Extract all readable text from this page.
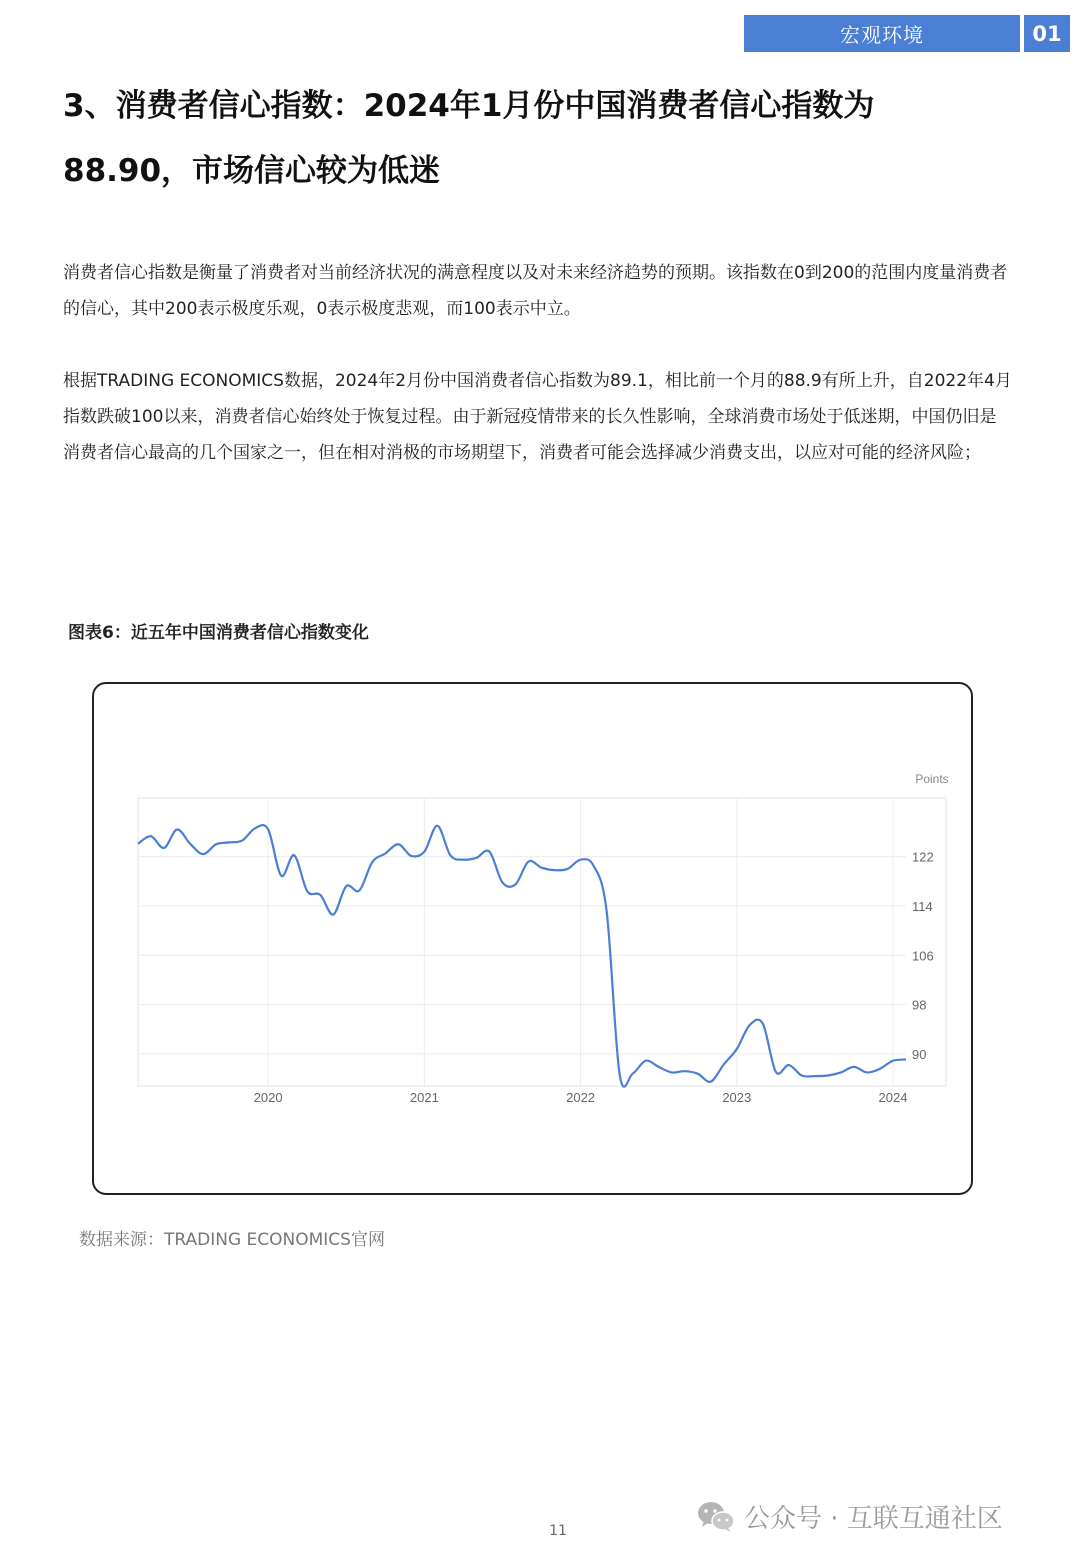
宏观环境	01
3、消费者信心指数：2024年1月份中国消费者信心指数为
88.90，市场信心较为低迷
消费者信心指数是衡量了消费者对当前经济状况的满意程度以及对未来经济趋势的预期。该指数在0到200的范围内度量消费者的信心，其中200表示极度乐观，0表示极度悲观，而100表示中立。
根据TRADING ECONOMICS数据，2024年2月份中国消费者信心指数为89.1，相比前一个月的88.9有所上升，自2022年4月指数跌破100以来，消费者信心始终处于恢复过程。由于新冠疫情带来的长久性影响，全球消费市场处于低迷期，中国仍旧是消费者信心最高的几个国家之一，但在相对消极的市场期望下，消费者可能会选择减少消费支出，以应对可能的经济风险；
图表6：近五年中国消费者信心指数变化
122
114
106
98
90
2020	2021	2022	2023	2024
Points
数据来源：TRADING ECONOMICS官网
公众号 · 互联互通社区
11
